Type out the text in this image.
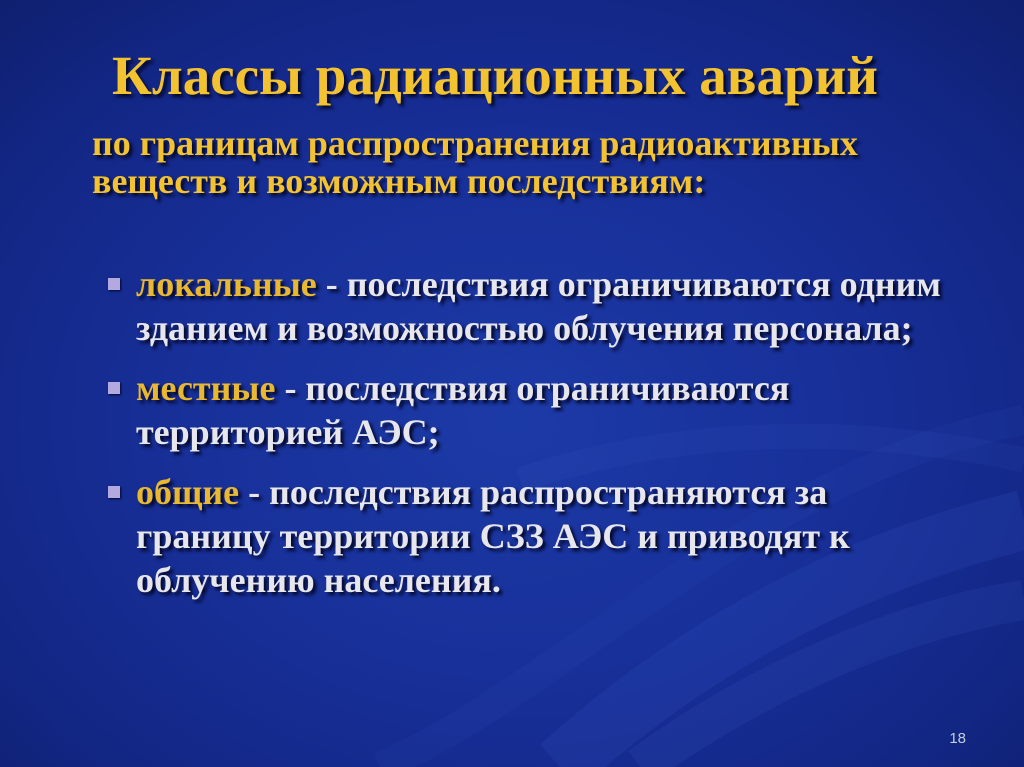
Классы радиационных аварий

по границам распространения радиоактивных веществ и возможным последствиям:

локальные - последствия ограничиваются одним зданием и возможностью облучения персонала;
местные - последствия ограничиваются территорией АЭС;
общие - последствия распространяются за границу территории СЗЗ АЭС и приводят к облучению населения.
18
